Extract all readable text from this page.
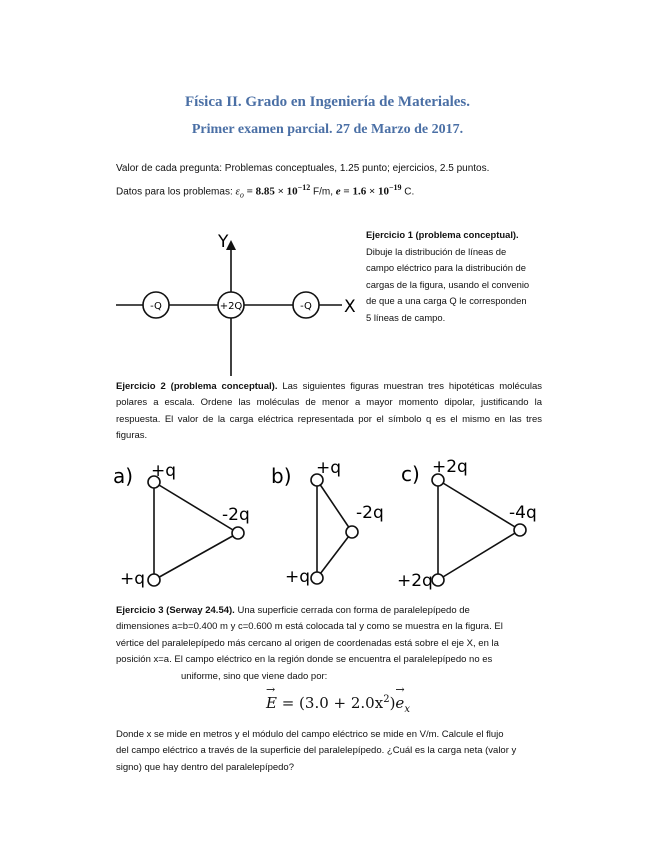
Física II. Grado en Ingeniería de Materiales.
Primer examen parcial. 27 de Marzo de 2017.
Valor de cada pregunta: Problemas conceptuales, 1.25 punto; ejercicios, 2.5 puntos.
Datos para los problemas: $\varepsilon_o = 8.85 \times 10^{-12}$ F/m, $e = 1.6 \times 10^{-19}$ C.
Y
X
-Q	+2Q	-Q
a) +q
-2q
+q
b) +q
-2q
+q
c) +2q
-4q
+2q
Ejercicio 1 (problema conceptual).
Dibuje la distribución de líneas de
campo eléctrico para la distribución de
cargas de la figura, usando el convenio
de que a una carga Q le corresponden
5 líneas de campo.
Ejercicio 2 (problema conceptual). Las siguientes figuras muestran tres hipotéticas moléculas
polares a escala. Ordene las moléculas de menor a mayor momento dipolar, justificando la
respuesta. El valor de la carga eléctrica representada por el símbolo q es el mismo en las tres
figuras.
Ejercicio 3 (Serway 24.54). Una superficie cerrada con forma de paralelepípedo de
dimensiones a=b=0.400 m y c=0.600 m está colocada tal y como se muestra en la figura. El
vértice del paralelepípedo más cercano al origen de coordenadas está sobre el eje X, en la
posición x=a. El campo eléctrico en la región donde se encuentra el paralelepípedo no es
uniforme, sino que viene dado por:
→ $E = (3.0 + 2.0x^2)\to e_x$
Donde x se mide en metros y el módulo del campo eléctrico se mide en V/m. Calcule el flujo
del campo eléctrico a través de la superficie del paralelepípedo. ¿Cuál es la carga neta (valor y
signo) que hay dentro del paralelepípedo?
